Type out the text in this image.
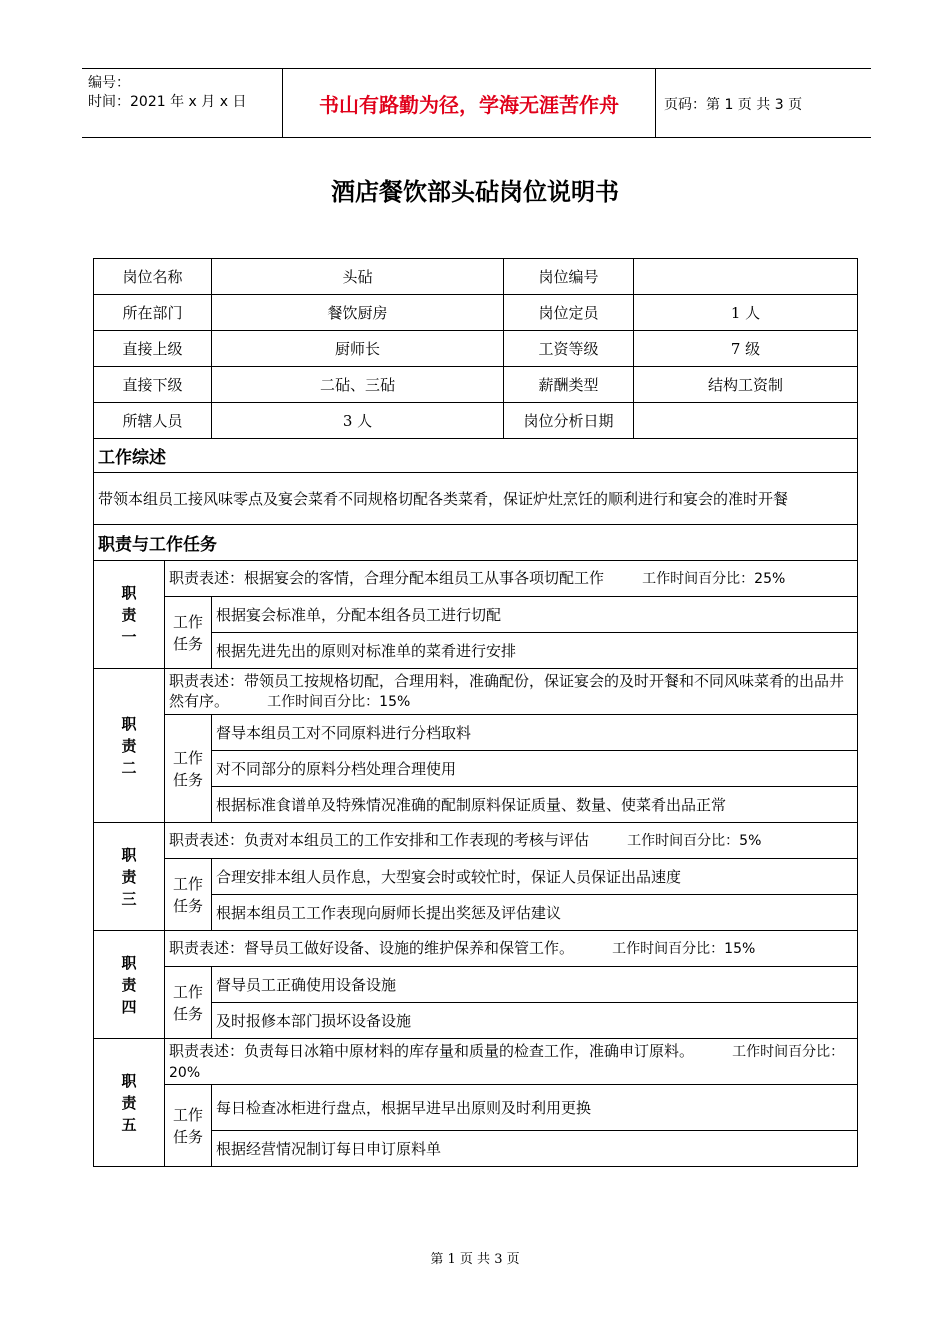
编号：
时间：2021 年 x 月 x 日	书山有路勤为径，学海无涯苦作舟	页码：第 1 页 共 3 页
酒店餐饮部头砧岗位说明书
岗位名称		头砧	岗位编号	
所在部门		餐饮厨房	岗位定员	1 人
直接上级		厨师长	工资等级	7 级
直接下级		二砧、三砧	薪酬类型	结构工资制
所辖人员		3 人	岗位分析日期	
工作综述				
带领本组员工接风味零点及宴会菜肴不同规格切配各类菜肴，保证炉灶烹饪的顺利进行和宴会的准时开餐				
职责与工作任务				

职
责
一	职责表述：根据宴会的客情，合理分配本组员工从事各项切配工作 工作时间百分比：25%			

	工作
任务	根据宴会标准单，分配本组各员工进行切配		
		根据先进先出的原则对标准单的菜肴进行安排		

职
责
二	职责表述：带领员工按规格切配，合理用料，准确配份，保证宴会的及时开餐和不同风味菜肴的出品井然有序。 工作时间百分比：15%			

	工作
任务	督导本组员工对不同原料进行分档取料		
		对不同部分的原料分档处理合理使用		
		根据标准食谱单及特殊情况准确的配制原料保证质量、数量、使菜肴出品正常		

职
责
三	职责表述：负责对本组员工的工作安排和工作表现的考核与评估 工作时间百分比：5%			

	工作
任务	合理安排本组人员作息，大型宴会时或较忙时，保证人员保证出品速度		
		根据本组员工工作表现向厨师长提出奖惩及评估建议		

职
责
四	职责表述：督导员工做好设备、设施的维护保养和保管工作。 工作时间百分比：15%			

	工作
任务	督导员工正确使用设备设施		
		及时报修本部门损坏设备设施		

职
责
五	职责表述：负责每日冰箱中原材料的库存量和质量的检查工作，准确申订原料。 工作时间百分比：20%			

	工作
任务	每日检查冰柜进行盘点，根据早进早出原则及时利用更换		
		根据经营情况制订每日申订原料单		
第 1 页 共 3 页
